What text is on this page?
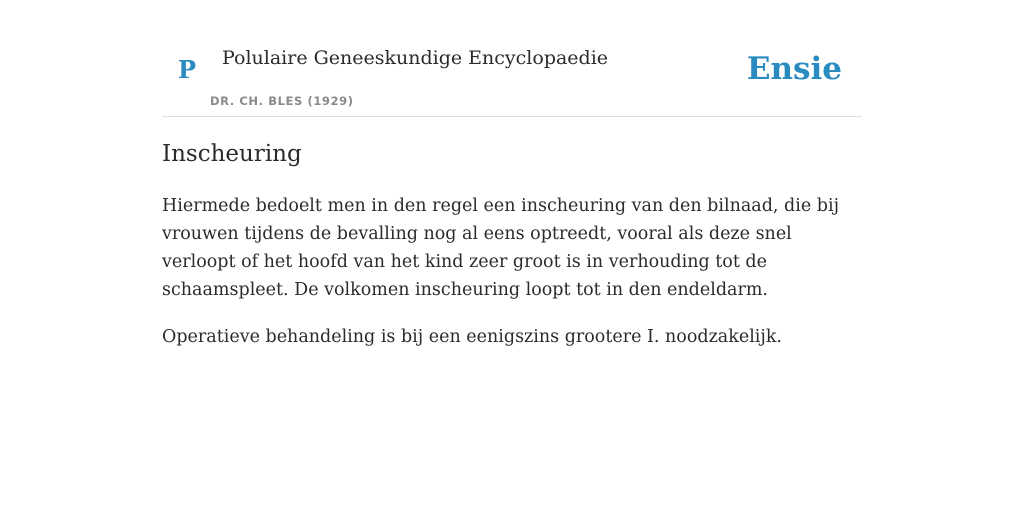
P Polulaire Geneeskundige Encyclopaedie
DR. CH. BLES (1929)
Ensie
Inscheuring

Hiermede bedoelt men in den regel een inscheuring van den bilnaad, die bij vrouwen tijdens de bevalling nog al eens optreedt, vooral als deze snel verloopt of het hoofd van het kind zeer groot is in verhouding tot de schaamspleet. De volkomen inscheuring loopt tot in den endeldarm.

Operatieve behandeling is bij een eenigszins grootere I. noodzakelijk.
